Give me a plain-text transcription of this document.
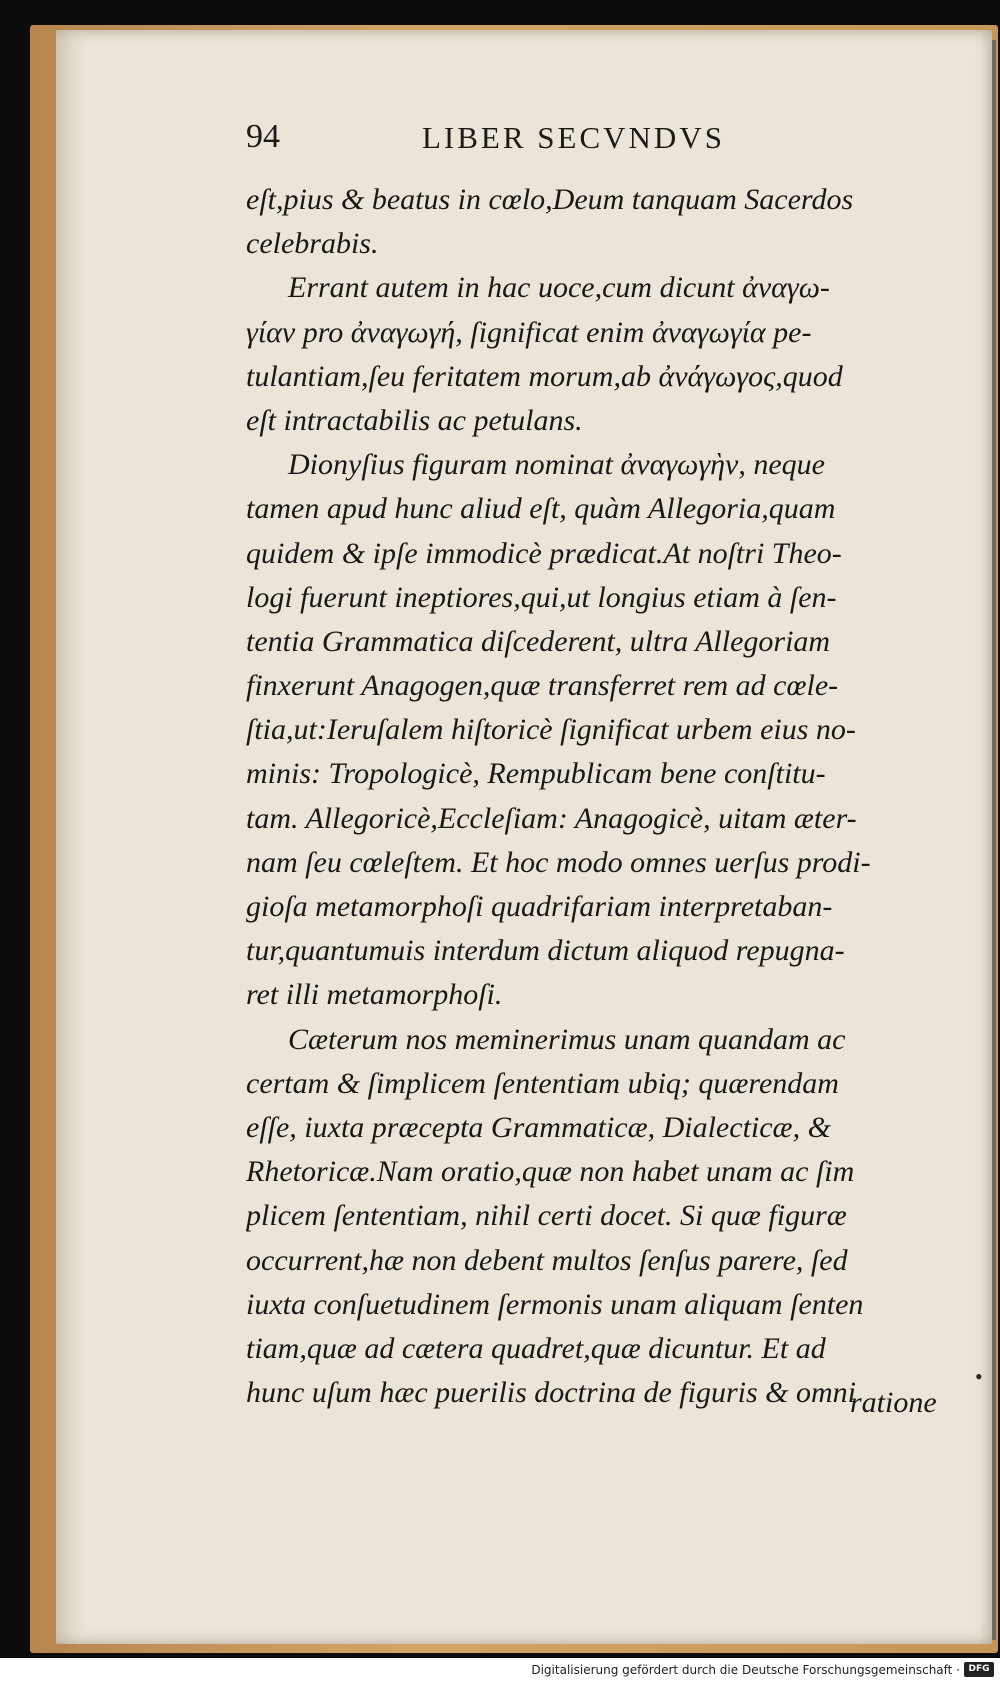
94	LIBER SECVNDVS
eſt,pius & beatus in cœlo,Deum tanquam Sacerdos
celebrabis.
Errant autem in hac uoce,cum dicunt ἀναγω-
γίαν pro ἀναγωγή, ſignificat enim ἀναγωγία pe-
tulantiam,ſeu feritatem morum,ab ἀνάγωγος,quod
eſt intractabilis ac petulans.
Dionyſius figuram nominat ἀναγωγὴν, neque
tamen apud hunc aliud eſt, quàm Allegoria,quam
quidem & ipſe immodicè prædicat.At noſtri Theo-
logi fuerunt ineptiores,qui,ut longius etiam à ſen-
tentia Grammatica diſcederent, ultra Allegoriam
finxerunt Anagogen,quæ transferret rem ad cœle-
ſtia,ut:Ieruſalem hiſtoricè ſignificat urbem eius no-
minis: Tropologicè, Rempublicam bene conſtitu-
tam. Allegoricè,Eccleſiam: Anagogicè, uitam æter-
nam ſeu cœleſtem. Et hoc modo omnes uerſus prodi-
gioſa metamorphoſi quadrifariam interpretaban-
tur,quantumuis interdum dictum aliquod repugna-
ret illi metamorphoſi.
Cæterum nos meminerimus unam quandam ac
certam & ſimplicem ſententiam ubiq; quærendam
eſſe, iuxta præcepta Grammaticæ, Dialecticæ, &
Rhetoricæ.Nam oratio,quæ non habet unam ac ſim
plicem ſententiam, nihil certi docet. Si quæ figuræ
occurrent,hæ non debent multos ſenſus parere, ſed
iuxta conſuetudinem ſermonis unam aliquam ſenten
tiam,quæ ad cætera quadret,quæ dicuntur. Et ad
hunc uſum hæc puerilis doctrina de figuris & omni	•
ratione
Digitalisierung gefördert durch die Deutsche Forschungsgemeinschaft · DFG
